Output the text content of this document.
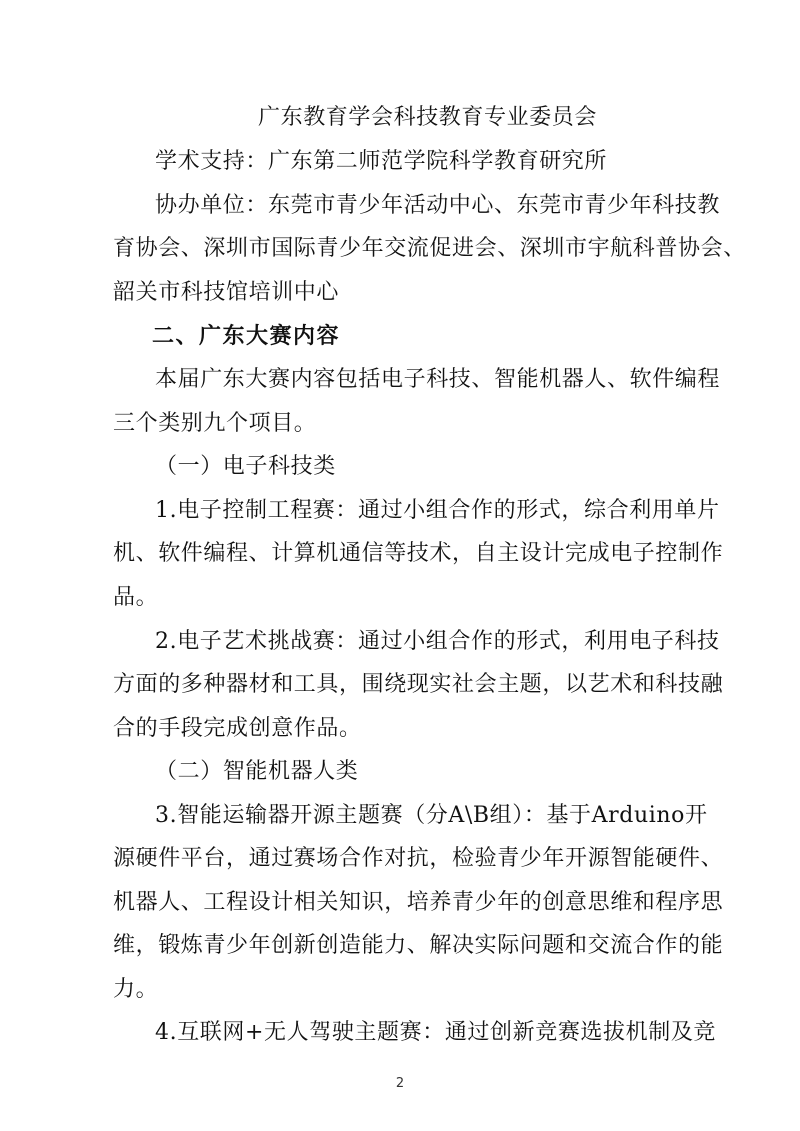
广东教育学会科技教育专业委员会
学术支持：广东第二师范学院科学教育研究所
协办单位：东莞市青少年活动中心、东莞市青少年科技教
育协会、深圳市国际青少年交流促进会、深圳市宇航科普协会、
韶关市科技馆培训中心
二、广东大赛内容
本届广东大赛内容包括电子科技、智能机器人、软件编程
三个类别九个项目。
（一）电子科技类
1.电子控制工程赛：通过小组合作的形式，综合利用单片
机、软件编程、计算机通信等技术，自主设计完成电子控制作
品。
2.电子艺术挑战赛：通过小组合作的形式，利用电子科技
方面的多种器材和工具，围绕现实社会主题，以艺术和科技融
合的手段完成创意作品。
（二）智能机器人类
3.智能运输器开源主题赛（分A\B组）：基于Arduino开
源硬件平台，通过赛场合作对抗，检验青少年开源智能硬件、
机器人、工程设计相关知识，培养青少年的创意思维和程序思
维，锻炼青少年创新创造能力、解决实际问题和交流合作的能
力。
4.互联网+无人驾驶主题赛：通过创新竞赛选拔机制及竞
2
